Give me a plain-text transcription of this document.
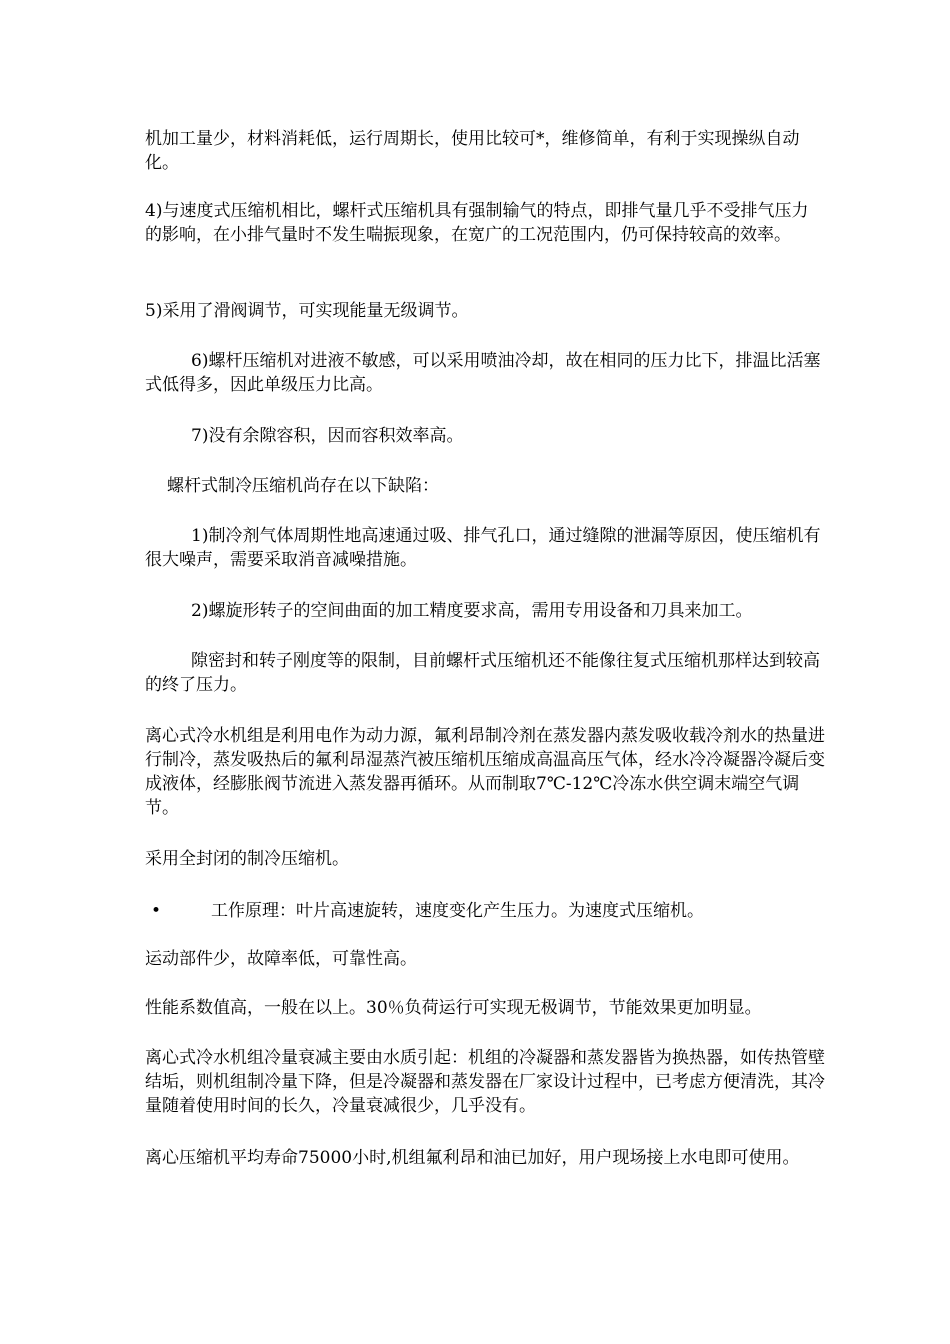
机加工量少，材料消耗低，运行周期长，使用比较可*，维修简单，有利于实现操纵自动化。

4)与速度式压缩机相比，螺杆式压缩机具有强制输气的特点，即排气量几乎不受排气压力的影响，在小排气量时不发生喘振现象，在宽广的工况范围内，仍可保持较高的效率。

5)采用了滑阀调节，可实现能量无级调节。

6)螺杆压缩机对进液不敏感，可以采用喷油冷却，故在相同的压力比下，排温比活塞式低得多，因此单级压力比高。

7)没有余隙容积，因而容积效率高。

螺杆式制冷压缩机尚存在以下缺陷：

1)制冷剂气体周期性地高速通过吸、排气孔口，通过缝隙的泄漏等原因，使压缩机有很大噪声，需要采取消音减噪措施。

2)螺旋形转子的空间曲面的加工精度要求高，需用专用设备和刀具来加工。

隙密封和转子刚度等的限制，目前螺杆式压缩机还不能像往复式压缩机那样达到较高的终了压力。

离心式冷水机组是利用电作为动力源，氟利昂制冷剂在蒸发器内蒸发吸收载冷剂水的热量进行制冷，蒸发吸热后的氟利昂湿蒸汽被压缩机压缩成高温高压气体，经水冷冷凝器冷凝后变成液体，经膨胀阀节流进入蒸发器再循环。从而制取7℃-12℃冷冻水供空调末端空气调节。

采用全封闭的制冷压缩机。

•	工作原理：叶片高速旋转，速度变化产生压力。为速度式压缩机。

运动部件少，故障率低，可靠性高。

性能系数值高，一般在以上。30％负荷运行可实现无极调节，节能效果更加明显。

离心式冷水机组冷量衰减主要由水质引起：机组的冷凝器和蒸发器皆为换热器，如传热管壁结垢，则机组制冷量下降，但是冷凝器和蒸发器在厂家设计过程中，已考虑方便清洗，其冷量随着使用时间的长久，冷量衰减很少，几乎没有。

离心压缩机平均寿命75000小时,机组氟利昂和油已加好，用户现场接上水电即可使用。
